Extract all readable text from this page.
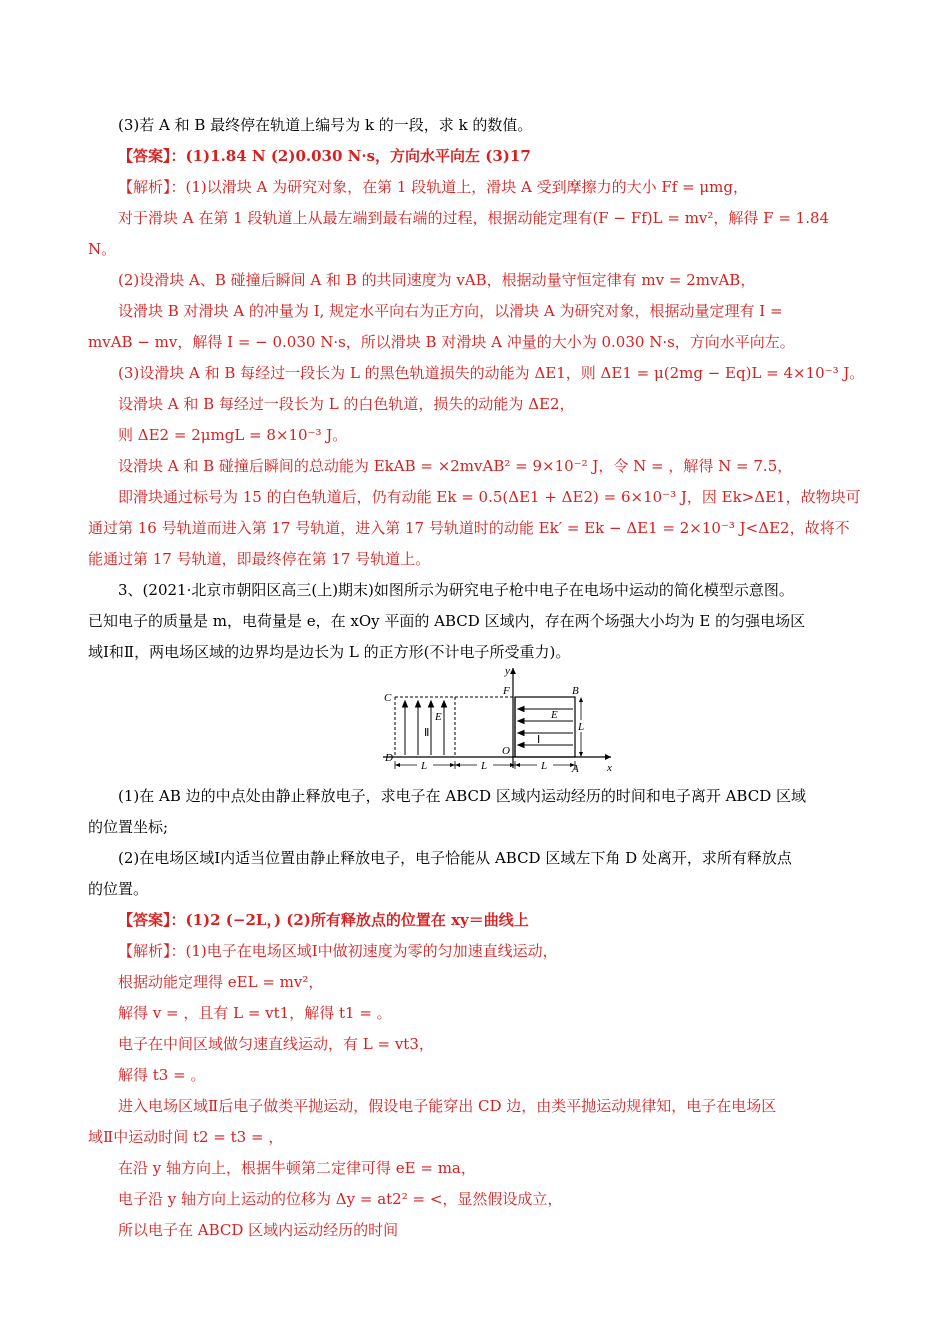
(3)若 A 和 B 最终停在轨道上编号为 k 的一段，求 k 的数值。
【答案】：(1)1.84 N (2)0.030 N·s，方向水平向左 (3)17
【解析】：(1)以滑块 A 为研究对象，在第 1 段轨道上，滑块 A 受到摩擦力的大小 Ff = μmg，
对于滑块 A 在第 1 段轨道上从最左端到最右端的过程，根据动能定理有(F − Ff)L = mv²，解得 F = 1.84
N。
(2)设滑块 A、B 碰撞后瞬间 A 和 B 的共同速度为 vAB，根据动量守恒定律有 mv = 2mvAB，
设滑块 B 对滑块 A 的冲量为 I, 规定水平向右为正方向，以滑块 A 为研究对象，根据动量定理有 I =
mvAB − mv，解得 I = − 0.030 N·s，所以滑块 B 对滑块 A 冲量的大小为 0.030 N·s，方向水平向左。
(3)设滑块 A 和 B 每经过一段长为 L 的黑色轨道损失的动能为 ΔE1，则 ΔE1 = μ(2mg − Eq)L = 4×10⁻³ J。
设滑块 A 和 B 每经过一段长为 L 的白色轨道，损失的动能为 ΔE2，
则 ΔE2 = 2μmgL = 8×10⁻³ J。
设滑块 A 和 B 碰撞后瞬间的总动能为 EkAB = ×2mvAB² = 9×10⁻² J，令 N = ，解得 N = 7.5，
即滑块通过标号为 15 的白色轨道后，仍有动能 Ek = 0.5(ΔE1 + ΔE2) = 6×10⁻³ J，因 Ek>ΔE1，故物块可
通过第 16 号轨道而进入第 17 号轨道，进入第 17 号轨道时的动能 Ek′ = Ek − ΔE1 = 2×10⁻³ J<ΔE2，故将不
能通过第 17 号轨道，即最终停在第 17 号轨道上。
3、(2021·北京市朝阳区高三(上)期末)如图所示为研究电子枪中电子在电场中运动的简化模型示意图。
已知电子的质量是 m，电荷量是 e，在 xOy 平面的 ABCD 区域内，存在两个场强大小均为 E 的匀强电场区
域Ⅰ和Ⅱ，两电场区域的边界均是边长为 L 的正方形(不计电子所受重力)。
y
x
F	B
C
O
D
A
E	E
L
Ⅱ
Ⅰ
L	L	L
(1)在 AB 边的中点处由静止释放电子，求电子在 ABCD 区域内运动经历的时间和电子离开 ABCD 区域
的位置坐标;
(2)在电场区域Ⅰ内适当位置由静止释放电子，电子恰能从 ABCD 区域左下角 D 处离开，求所有释放点
的位置。
【答案】：(1)2 (−2L，) (2)所有释放点的位置在 xy＝曲线上
【解析】：(1)电子在电场区域Ⅰ中做初速度为零的匀加速直线运动，
根据动能定理得 eEL = mv²，
解得 v = ，且有 L = vt1，解得 t1 = 。
电子在中间区域做匀速直线运动，有 L = vt3，
解得 t3 = 。
进入电场区域Ⅱ后电子做类平抛运动，假设电子能穿出 CD 边，由类平抛运动规律知，电子在电场区
域Ⅱ中运动时间 t2 = t3 = ，
在沿 y 轴方向上，根据牛顿第二定律可得 eE = ma，
电子沿 y 轴方向上运动的位移为 Δy = at2² = <，显然假设成立，
所以电子在 ABCD 区域内运动经历的时间
